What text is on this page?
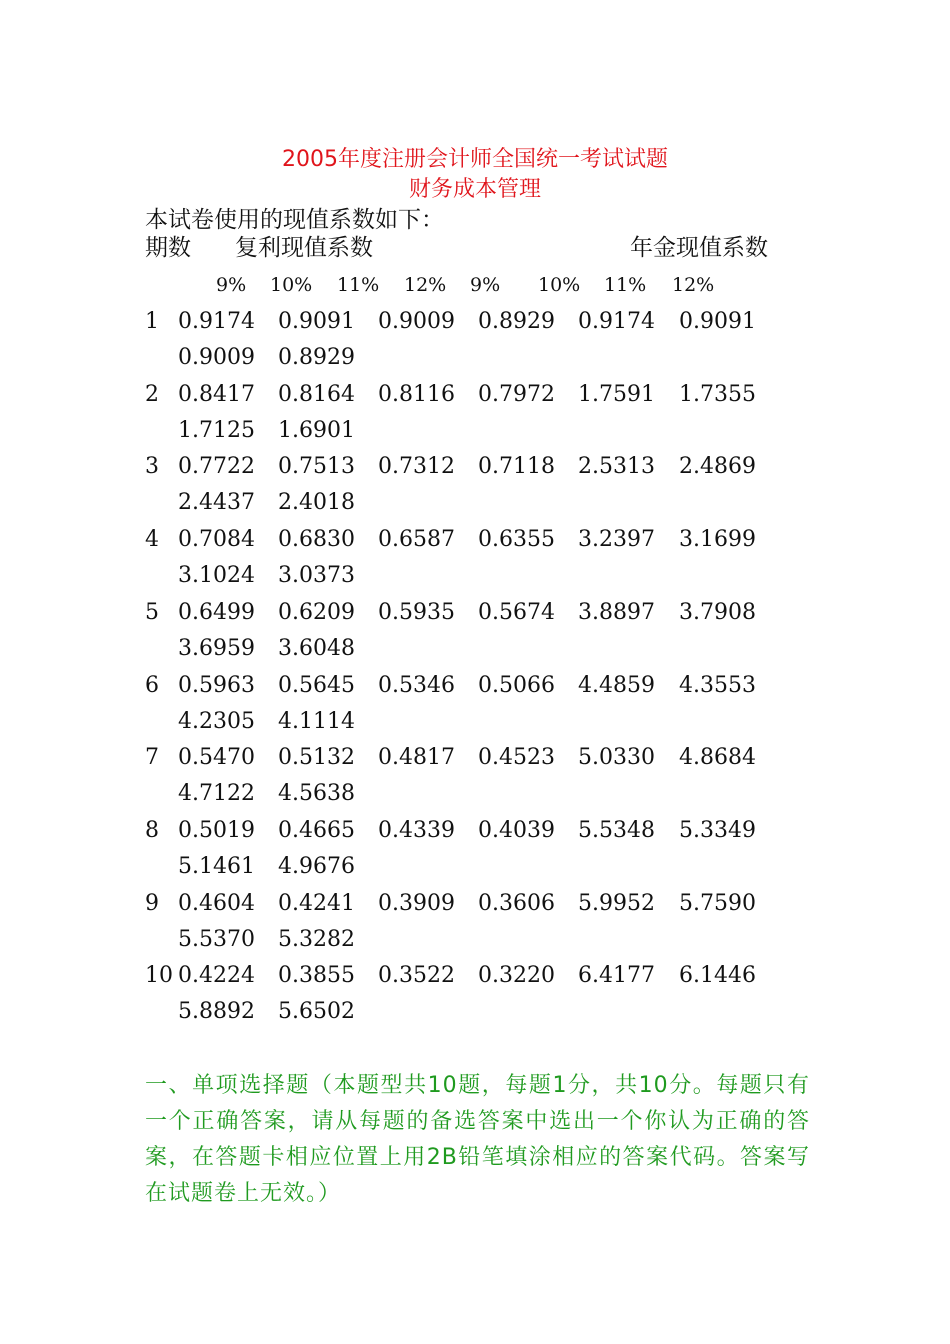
2005年度注册会计师全国统一考试试题
财务成本管理
本试卷使用的现值系数如下：
期数 复利现值系数	年金现值系数
9% 10% 11% 12% 9% 10% 11% 12%
1 0.9174 0.9091 0.9009 0.8929 0.9174 0.9091
0.9009 0.8929
2 0.8417 0.8164 0.8116 0.7972 1.7591 1.7355
1.7125 1.6901
3 0.7722 0.7513 0.7312 0.7118 2.5313 2.4869
2.4437 2.4018
4 0.7084 0.6830 0.6587 0.6355 3.2397 3.1699
3.1024 3.0373
5 0.6499 0.6209 0.5935 0.5674 3.8897 3.7908
3.6959 3.6048
6 0.5963 0.5645 0.5346 0.5066 4.4859 4.3553
4.2305 4.1114
7 0.5470 0.5132 0.4817 0.4523 5.0330 4.8684
4.7122 4.5638
8 0.5019 0.4665 0.4339 0.4039 5.5348 5.3349
5.1461 4.9676
9 0.4604 0.4241 0.3909 0.3606 5.9952 5.7590
5.5370 5.3282
10 0.4224 0.3855 0.3522 0.3220 6.4177 6.1446
5.8892 5.6502
一、单项选择题（本题型共10题，每题1分，共10分。每题只有一个正确答案，请从每题的备选答案中选出一个你认为正确的答案，在答题卡相应位置上用2B铅笔填涂相应的答案代码。答案写在试题卷上无效。）
